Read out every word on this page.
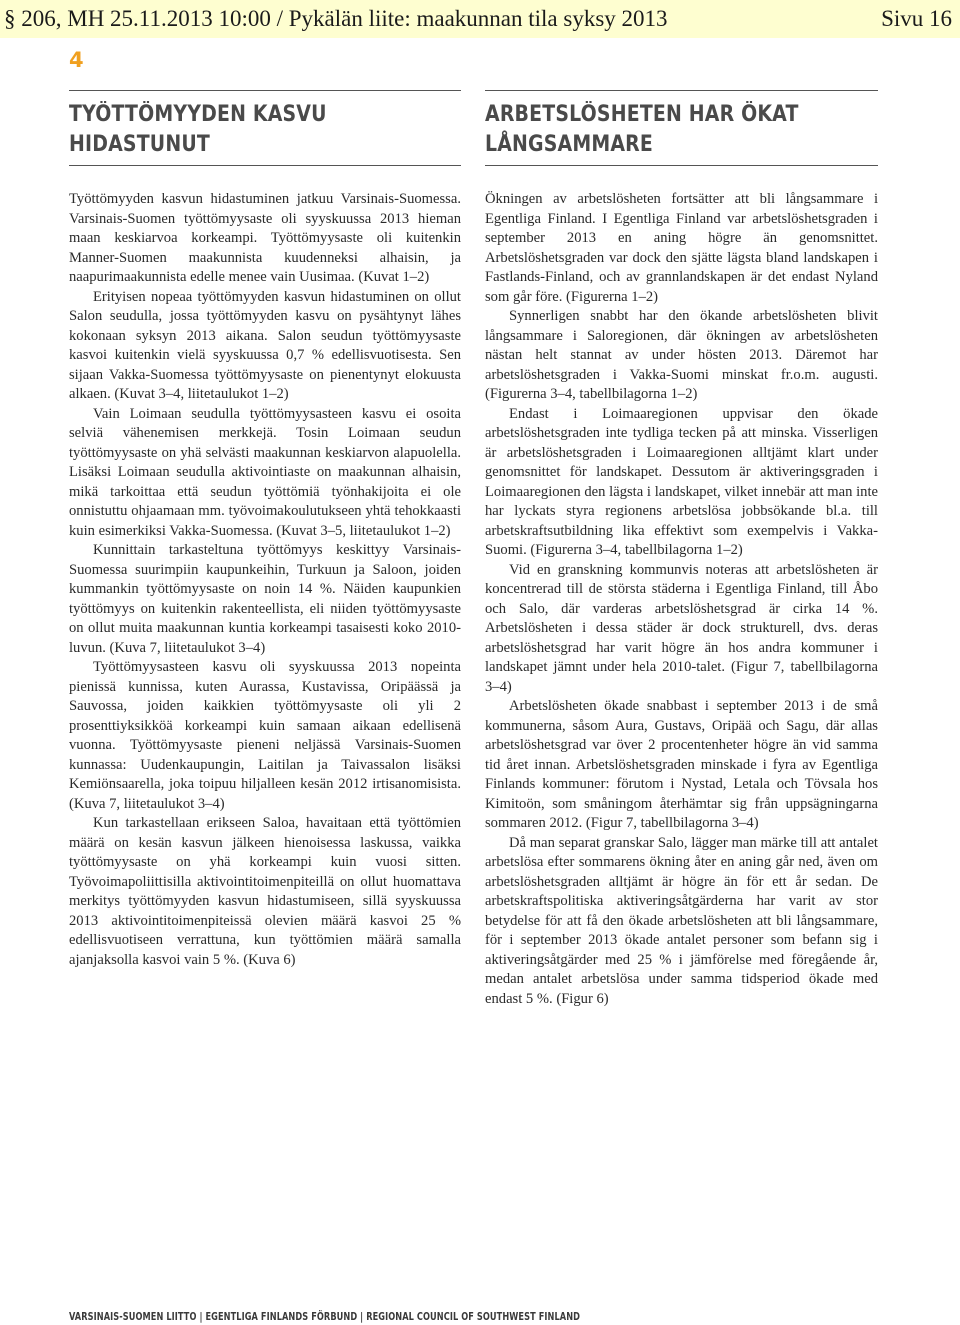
§ 206, MH 25.11.2013 10:00 / Pykälän liite: maakunnan tila syksy 2013	Sivu 16
4
TYÖTTÖMYYDEN KASVU
HIDASTUNUT
ARBETSLÖSHETEN HAR ÖKAT
LÅNGSAMMARE

Työttömyyden kasvun hidastuminen jatkuu Varsinais-Suomessa. Varsinais-Suomen työttömyysaste oli syyskuussa 2013 hieman maan keskiarvoa korkeampi. Työttömyysaste oli kuitenkin Manner-Suomen maakunnista kuudenneksi alhaisin, ja naapurimaakunnista edelle menee vain Uusimaa. (Kuvat 1–2)

Erityisen nopeaa työttömyyden kasvun hidastuminen on ollut Salon seudulla, jossa työttömyyden kasvu on pysähtynyt lähes kokonaan syksyn 2013 aikana. Salon seudun työttömyysaste kasvoi kuitenkin vielä syyskuussa 0,7 % edellisvuotisesta. Sen sijaan Vakka-Suomessa työttömyysaste on pienentynyt elokuusta alkaen. (Kuvat 3–4, liitetaulukot 1–2)

Vain Loimaan seudulla työttömyysasteen kasvu ei osoita selviä vähenemisen merkkejä. Tosin Loimaan seudun työttömyysaste on yhä selvästi maakunnan keskiarvon alapuolella. Lisäksi Loimaan seudulla aktivointiaste on maakunnan alhaisin, mikä tarkoittaa että seudun työttömiä työnhakijoita ei ole onnistuttu ohjaamaan mm. työvoimakoulutukseen yhtä tehokkaasti kuin esimerkiksi Vakka-Suomessa. (Kuvat 3–5, liitetaulukot 1–2)

Kunnittain tarkasteltuna työttömyys keskittyy Varsinais-Suomessa suurimpiin kaupunkeihin, Turkuun ja Saloon, joiden kummankin työttömyysaste on noin 14 %. Näiden kaupunkien työttömyys on kuitenkin rakenteellista, eli niiden työttömyysaste on ollut muita maakunnan kuntia korkeampi tasaisesti koko 2010-luvun. (Kuva 7, liitetaulukot 3–4)

Työttömyysasteen kasvu oli syyskuussa 2013 nopeinta pienissä kunnissa, kuten Aurassa, Kustavissa, Oripäässä ja Sauvossa, joiden kaikkien työttömyysaste oli yli 2 prosenttiyksikköä korkeampi kuin samaan aikaan edellisenä vuonna. Työttömyysaste pieneni neljässä Varsinais-Suomen kunnassa: Uudenkaupungin, Laitilan ja Taivassalon lisäksi Kemiönsaarella, joka toipuu hiljalleen kesän 2012 irtisanomisista. (Kuva 7, liitetaulukot 3–4)

Kun tarkastellaan erikseen Saloa, havaitaan että työttömien määrä on kesän kasvun jälkeen hienoisessa laskussa, vaikka työttömyysaste on yhä korkeampi kuin vuosi sitten. Työvoimapoliittisilla aktivointitoimenpiteillä on ollut huomattava merkitys työttömyyden kasvun hidastumiseen, sillä syyskuussa 2013 aktivointitoimenpiteissä olevien määrä kasvoi 25 % edellisvuotiseen verrattuna, kun työttömien määrä samalla ajanjaksolla kasvoi vain 5 %. (Kuva 6)

Ökningen av arbetslösheten fortsätter att bli långsammare i Egentliga Finland. I Egentliga Finland var arbetslöshetsgraden i september 2013 en aning högre än genomsnittet. Arbetslöshetsgraden var dock den sjätte lägsta bland landskapen i Fastlands-Finland, och av grannlandskapen är det endast Nyland som går före. (Figurerna 1–2)

Synnerligen snabbt har den ökande arbetslösheten blivit långsammare i Saloregionen, där ökningen av arbetslösheten nästan helt stannat av under hösten 2013. Däremot har arbetslöshetsgraden i Vakka-Suomi minskat fr.o.m. augusti. (Figurerna 3–4, tabellbilagorna 1–2)

Endast i Loimaaregionen uppvisar den ökade arbetslöshetsgraden inte tydliga tecken på att minska. Visserligen är arbetslöshetsgraden i Loimaaregionen alltjämt klart under genomsnittet för landskapet. Dessutom är aktiveringsgraden i Loimaaregionen den lägsta i landskapet, vilket innebär att man inte har lyckats styra regionens arbetslösa jobbsökande bl.a. till arbetskraftsutbildning lika effektivt som exempelvis i Vakka-Suomi. (Figurerna 3–4, tabellbilagorna 1–2)

Vid en granskning kommunvis noteras att arbetslösheten är koncentrerad till de största städerna i Egentliga Finland, till Åbo och Salo, där varderas arbetslöshetsgrad är cirka 14 %. Arbetslösheten i dessa städer är dock strukturell, dvs. deras arbetslöshetsgrad har varit högre än hos andra kommuner i landskapet jämnt under hela 2010-talet. (Figur 7, tabellbilagorna 3–4)

Arbetslösheten ökade snabbast i september 2013 i de små kommunerna, såsom Aura, Gustavs, Oripää och Sagu, där allas arbetslöshetsgrad var över 2 procentenheter högre än vid samma tid året innan. Arbetslöshetsgraden minskade i fyra av Egentliga Finlands kommuner: förutom i Nystad, Letala och Tövsala hos Kimitoön, som småningom återhämtar sig från uppsägningarna sommaren 2012. (Figur 7, tabellbilagorna 3–4)

Då man separat granskar Salo, lägger man märke till att antalet arbetslösa efter sommarens ökning åter en aning går ned, även om arbetslöshetsgraden alltjämt är högre än för ett år sedan. De arbetskraftspolitiska aktiveringsåtgärderna har varit av stor betydelse för att få den ökade arbetslösheten att bli långsammare, för i september 2013 ökade antalet personer som befann sig i aktiveringsåtgärder med 25 % i jämförelse med föregående år, medan antalet arbetslösa under samma tidsperiod ökade med endast 5 %. (Figur 6)

VARSINAIS-SUOMEN LIITTO | EGENTLIGA FINLANDS FÖRBUND | REGIONAL COUNCIL OF SOUTHWEST FINLAND
